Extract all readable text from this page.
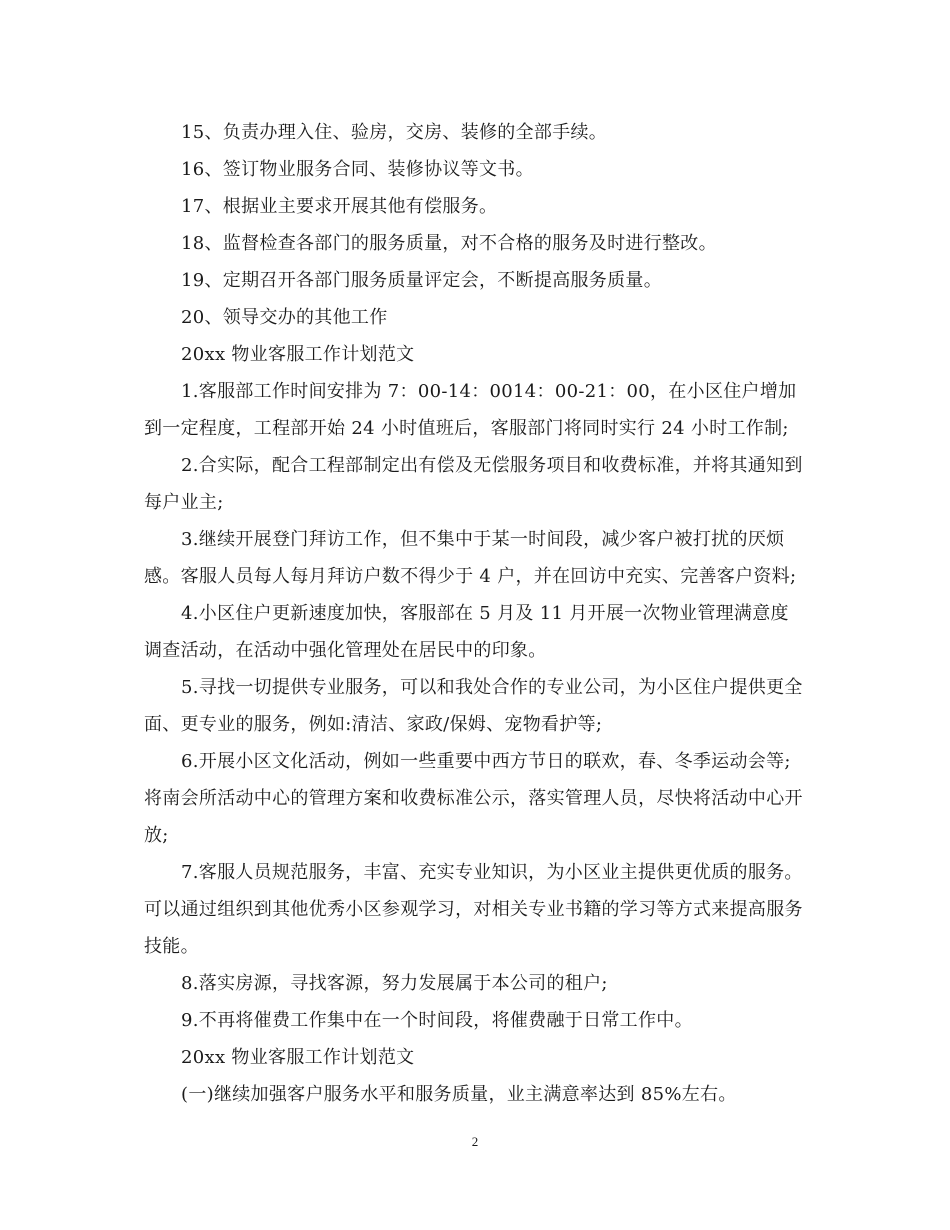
15、负责办理入住、验房，交房、装修的全部手续。

16、签订物业服务合同、装修协议等文书。

17、根据业主要求开展其他有偿服务。

18、监督检查各部门的服务质量，对不合格的服务及时进行整改。

19、定期召开各部门服务质量评定会，不断提高服务质量。

20、领导交办的其他工作

20xx 物业客服工作计划范文

1.客服部工作时间安排为 7：00-14：0014：00-21：00，在小区住户增加到一定程度，工程部开始 24 小时值班后，客服部门将同时实行 24 小时工作制;

2.合实际，配合工程部制定出有偿及无偿服务项目和收费标准，并将其通知到每户业主;

3.继续开展登门拜访工作，但不集中于某一时间段，减少客户被打扰的厌烦感。客服人员每人每月拜访户数不得少于 4 户，并在回访中充实、完善客户资料;

4.小区住户更新速度加快，客服部在 5 月及 11 月开展一次物业管理满意度调查活动，在活动中强化管理处在居民中的印象。

5.寻找一切提供专业服务，可以和我处合作的专业公司，为小区住户提供更全面、更专业的服务，例如:清洁、家政/保姆、宠物看护等;

6.开展小区文化活动，例如一些重要中西方节日的联欢，春、冬季运动会等;将南会所活动中心的管理方案和收费标准公示，落实管理人员，尽快将活动中心开放;

7.客服人员规范服务，丰富、充实专业知识，为小区业主提供更优质的服务。可以通过组织到其他优秀小区参观学习，对相关专业书籍的学习等方式来提高服务技能。

8.落实房源，寻找客源，努力发展属于本公司的租户;

9.不再将催费工作集中在一个时间段，将催费融于日常工作中。

20xx 物业客服工作计划范文

(一)继续加强客户服务水平和服务质量，业主满意率达到 85%左右。

2
